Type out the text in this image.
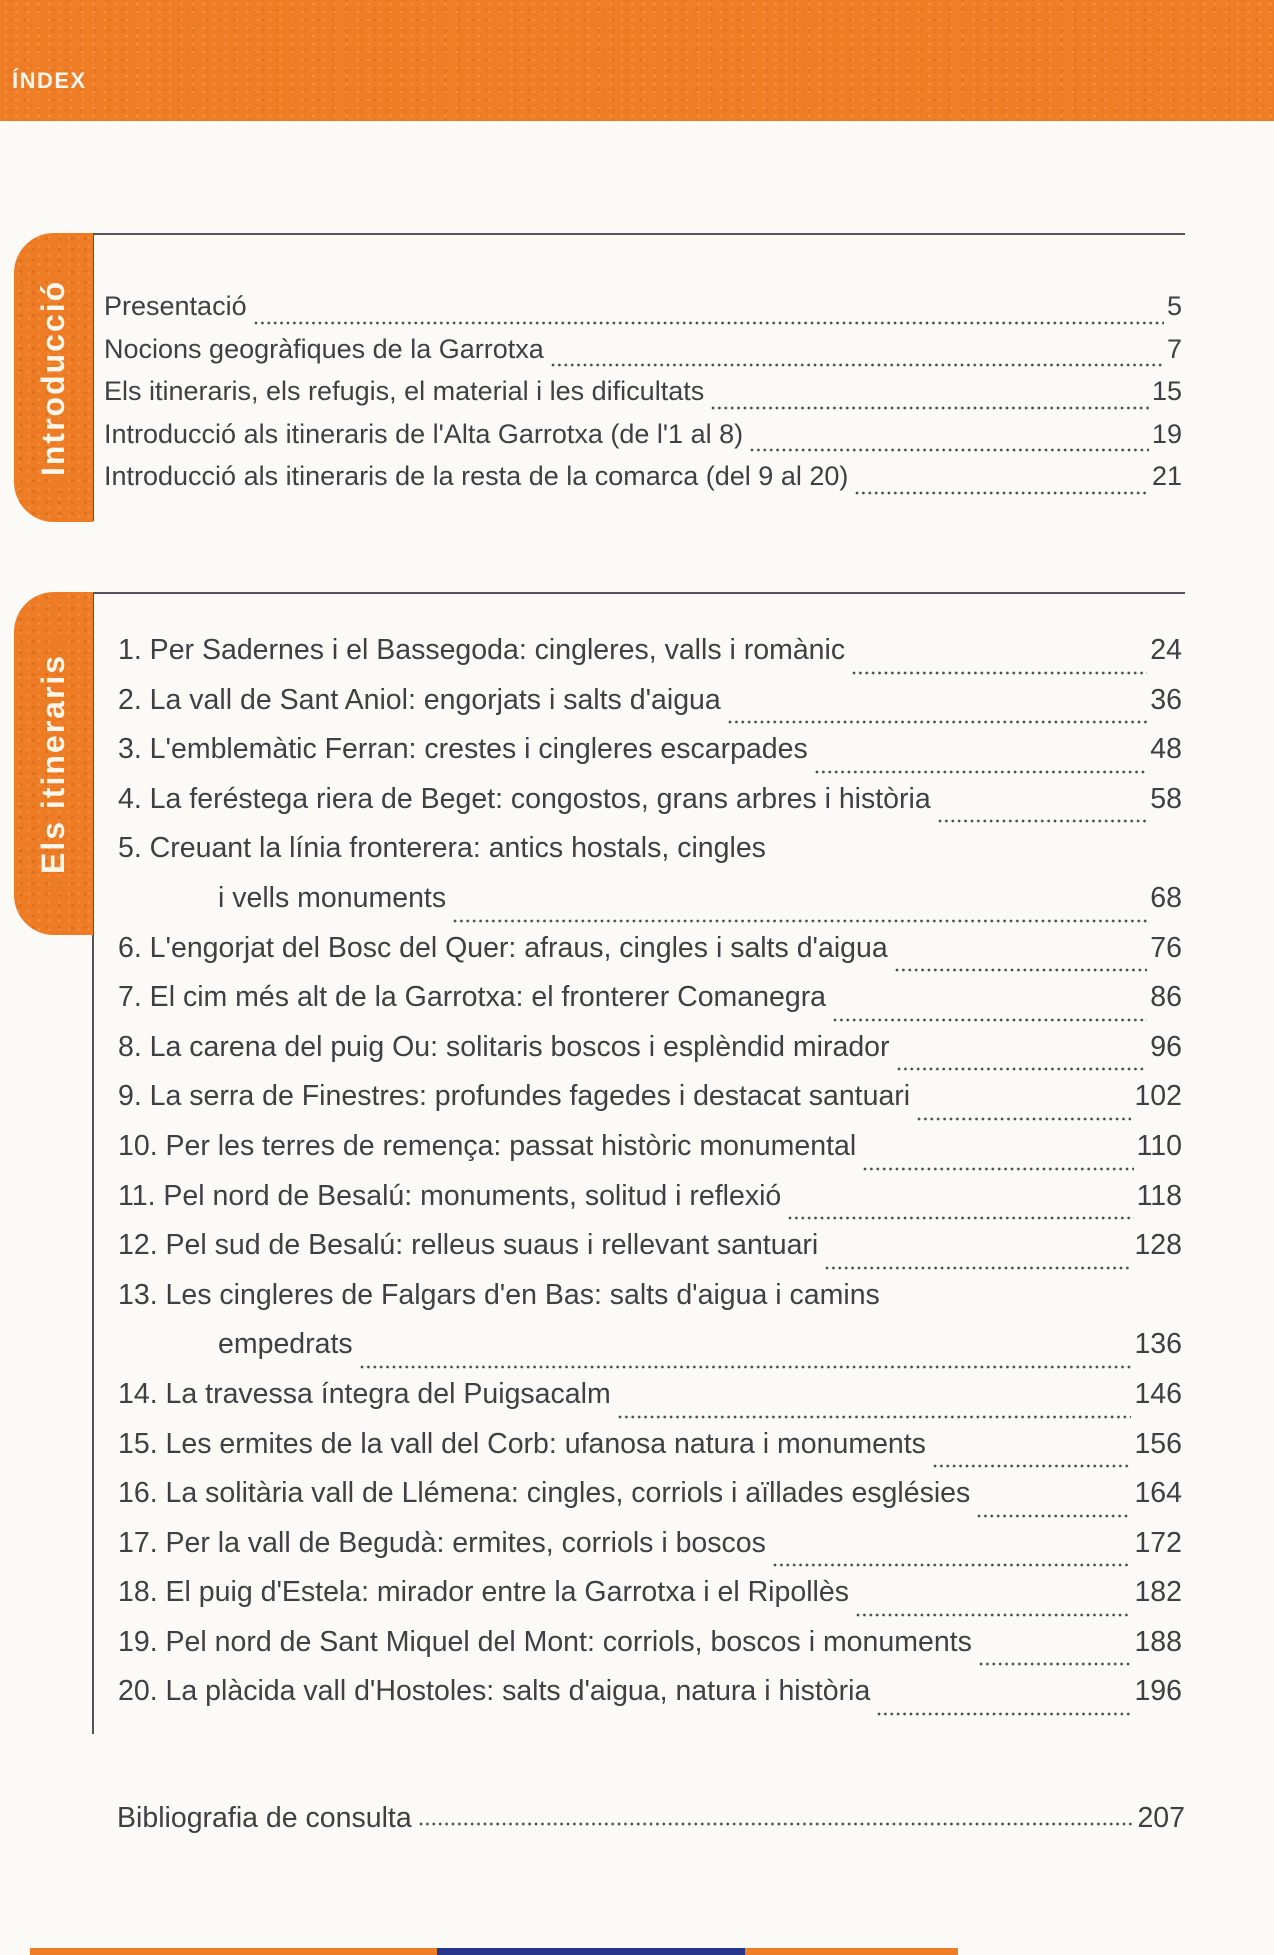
ÍNDEX
Introducció	Presentació	5
Nocions geogràfiques de la Garrotxa	7
Els itineraris, els refugis, el material i les dificultats	15
Introducció als itineraris de l'Alta Garrotxa (de l'1 al 8)	19
Introducció als itineraris de la resta de la comarca (del 9 al 20)	21
Els itineraris
1. Per Sadernes i el Bassegoda: cingleres, valls i romànic	24
2. La vall de Sant Aniol: engorjats i salts d'aigua	36
3. L'emblemàtic Ferran: crestes i cingleres escarpades	48
4. La feréstega riera de Beget: congostos, grans arbres i història	58
5. Creuant la línia fronterera: antics hostals, cingles
i vells monuments	68
6. L'engorjat del Bosc del Quer: afraus, cingles i salts d'aigua	76
7. El cim més alt de la Garrotxa: el fronterer Comanegra	86
8. La carena del puig Ou: solitaris boscos i esplèndid mirador	96
9. La serra de Finestres: profundes fagedes i destacat santuari	102
10. Per les terres de remença: passat històric monumental	110
11. Pel nord de Besalú: monuments, solitud i reflexió	118
12. Pel sud de Besalú: relleus suaus i rellevant santuari	128
13. Les cingleres de Falgars d'en Bas: salts d'aigua i camins
empedrats	136
14. La travessa íntegra del Puigsacalm	146
15. Les ermites de la vall del Corb: ufanosa natura i monuments	156
16. La solitària vall de Llémena: cingles, corriols i aïllades esglésies	164
17. Per la vall de Begudà: ermites, corriols i boscos	172
18. El puig d'Estela: mirador entre la Garrotxa i el Ripollès	182
19. Pel nord de Sant Miquel del Mont: corriols, boscos i monuments	188
20. La plàcida vall d'Hostoles: salts d'aigua, natura i història	196
Bibliografia de consulta	207
